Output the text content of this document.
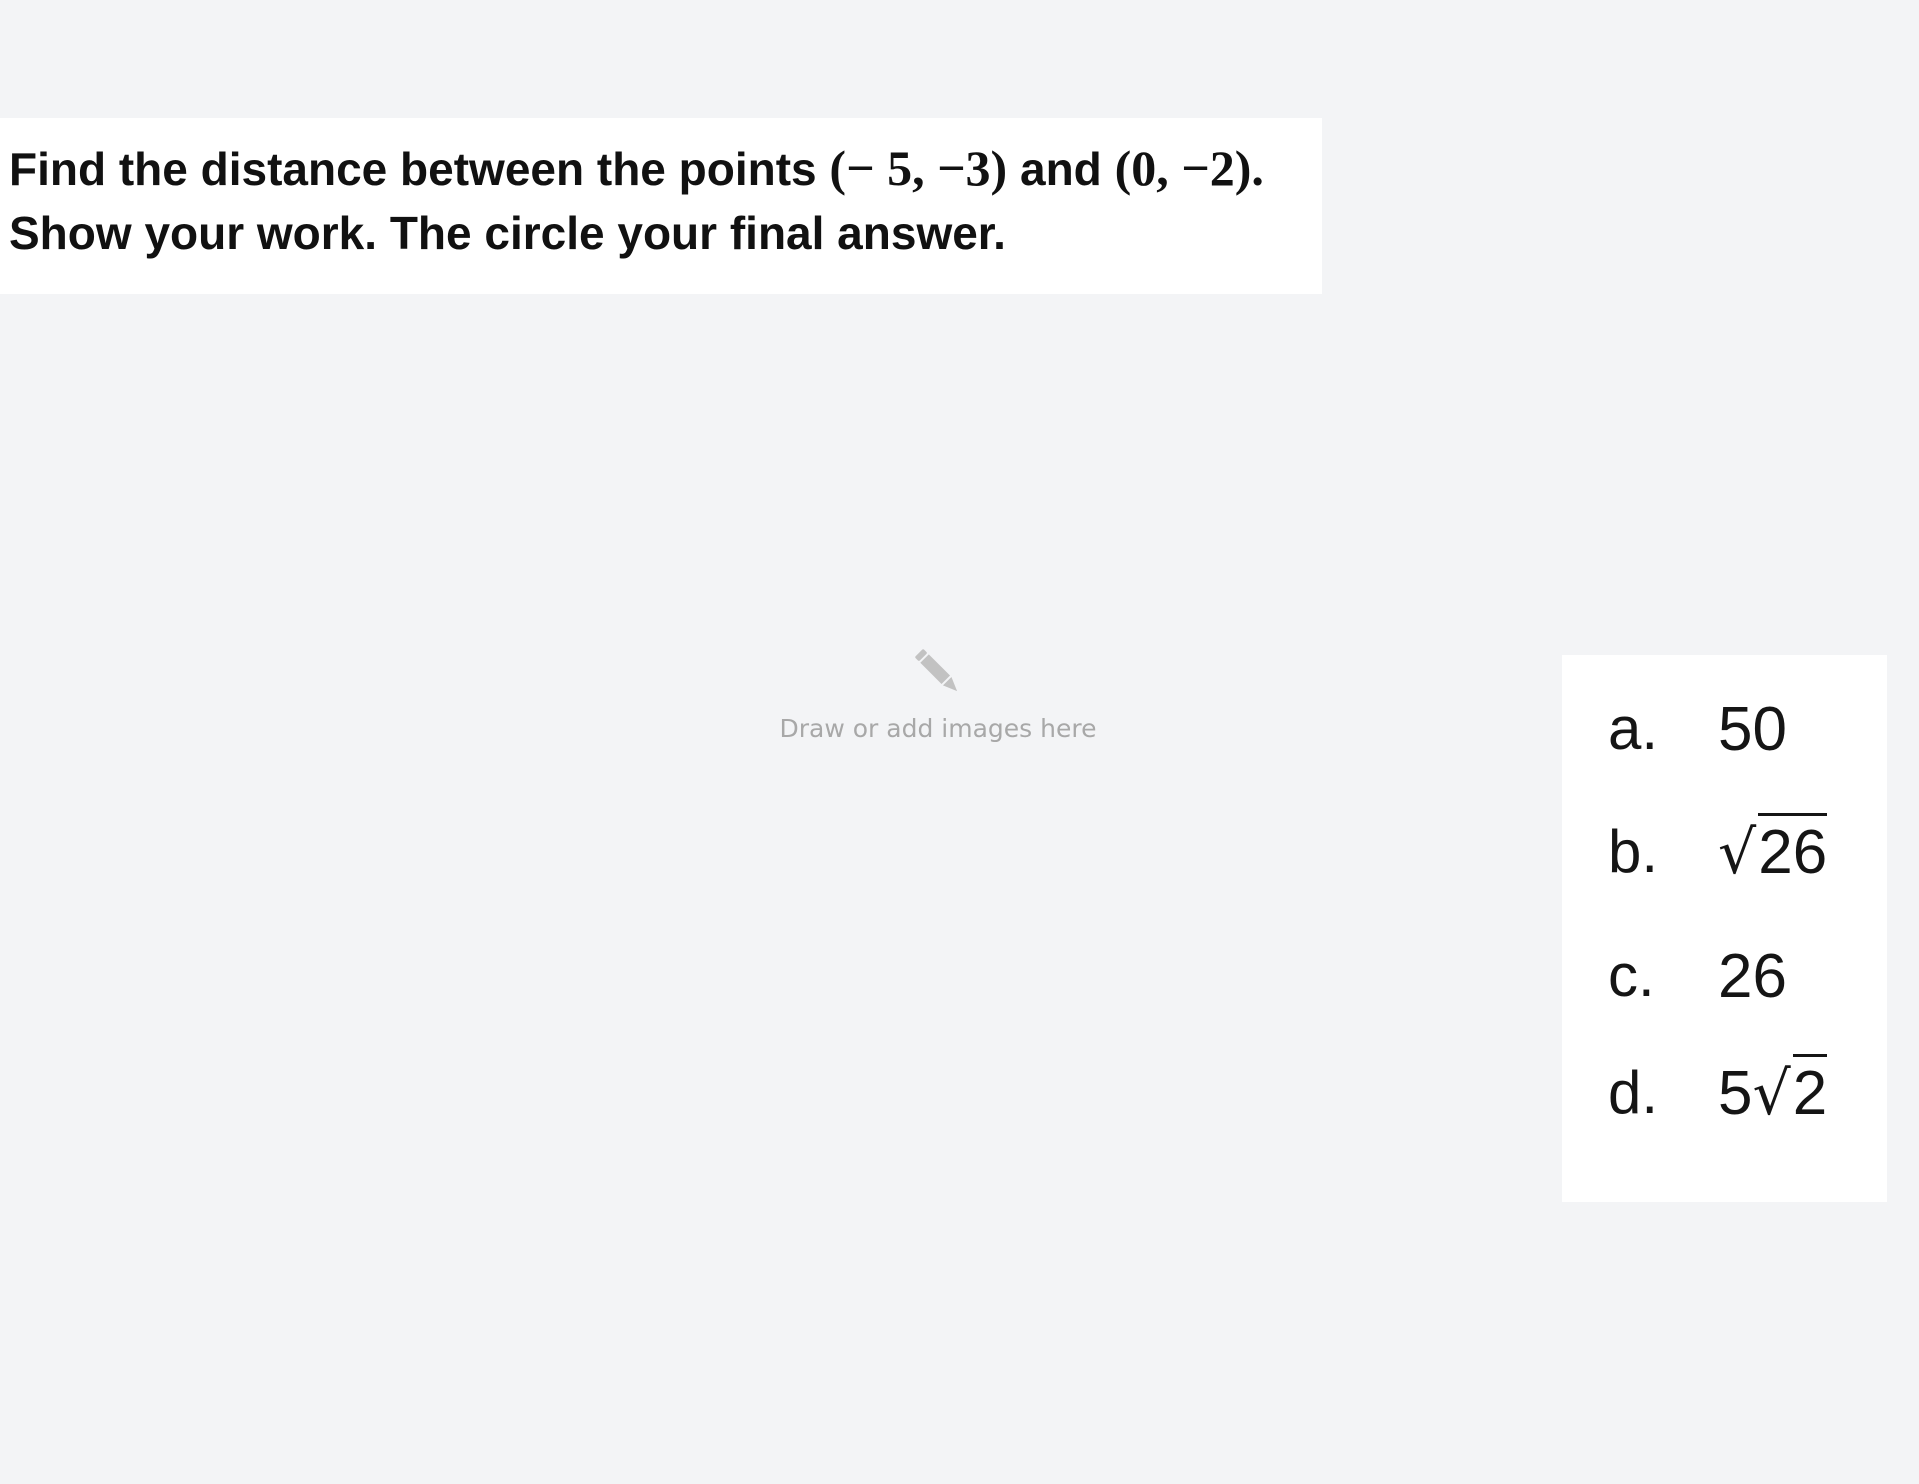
Find the distance between the points (− 5, −3) and (0, −2).
Show your work. The circle your final answer.
Draw or add images here	a. 50
b. √26
c. 26
d. 5√2
